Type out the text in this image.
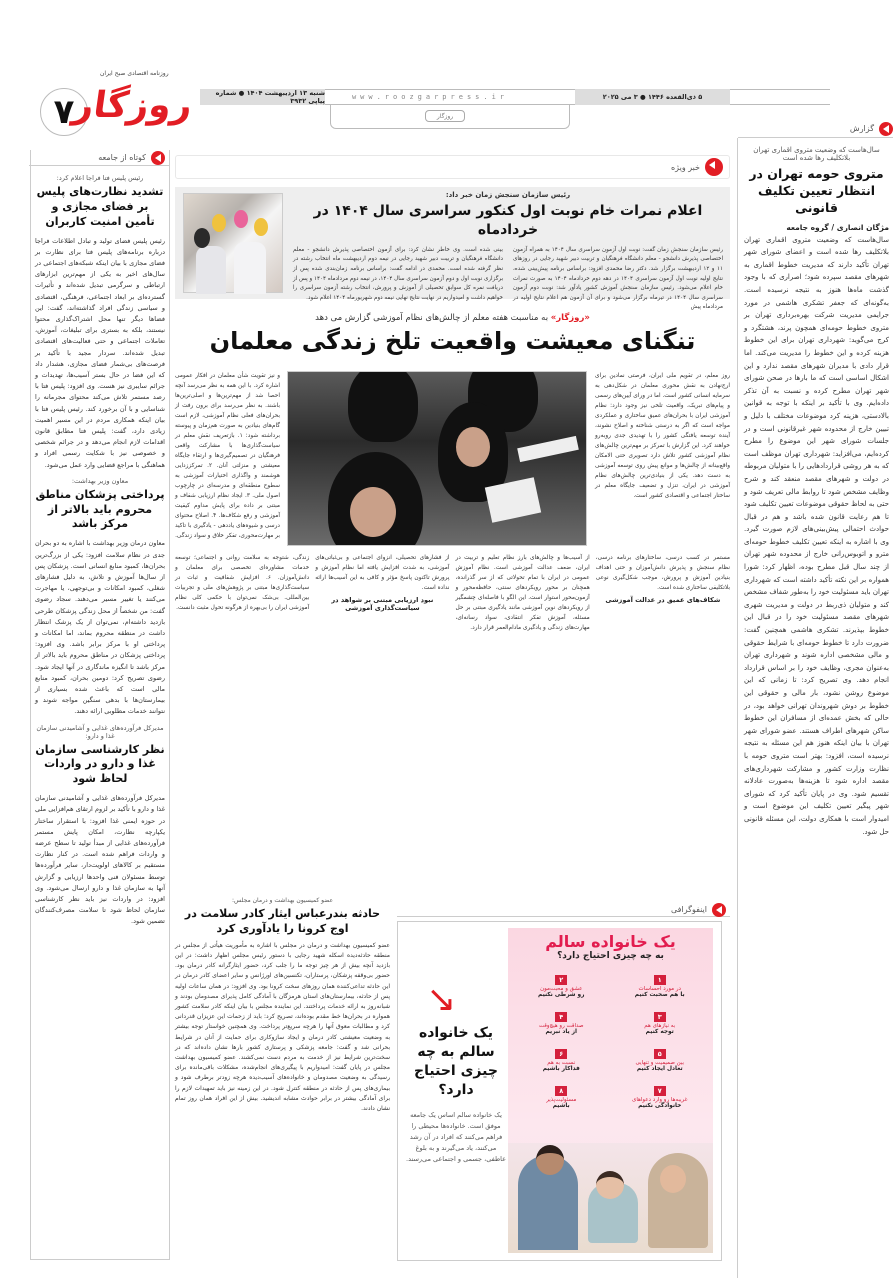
روزنامه اقتصادی صبح ایران
۷
روزگار	شنبه ۱۳ اردیبهشت ۱۴۰۴ ● شماره پیاپی ۳۹۳۲	www.roozgarpress.ir	۵ ذی‌القعده ۱۴۴۶ ● ۳ می ۲۰۲۵
روزگار
گزارش
سال‌هاست که وضعیت متروی اقماری تهران بلاتکلیف رها شده است
متروی حومه تهران در انتظار تعیین تکلیف قانونی
مژگان انصاری / گروه جامعه
سال‌هاست که وضعیت متروی اقماری تهران بلاتکلیف رها شده است و اعضای شورای شهر تهران تأکید دارند که مدیریت خطوط اقماری به شهرهای مقصد سپرده شود؛ اصراری که با وجود گذشت ماه‌ها هنوز به نتیجه نرسیده است. به‌گونه‌ای که جعفر تشکری هاشمی در مورد جرایمی مدیریت شرکت بهره‌برداری تهران بر متروی خطوط حومه‌ای همچون پرند، هشتگرد و کرج می‌گوید: شهرداری تهران برای این خطوط هزینه کرده و این خطوط را مدیریت می‌کند. اما قرار دادی با مدیران شهرهای مقصد ندارد و این اشکال اساسی است که ما بارها در صحن شورای شهر تهران مطرح کرده‌ و نسبت به آن تذکر داده‌ایم. وی با تأکید بر اینکه با توجه به قوانین بالادستی، هزینه کرد موضوعات مختلف با دلیل و تبیین خارج از محدوده شهر غیرقانونی است و در جلسات شورای شهر این موضوع را مطرح کرده‌ایم، می‌افزاید: شهرداری تهران موظف است که به هر روشی قرارداد‌هایی را با متولیان مربوطه در دولت و شهرهای مقصد منعقد کند و شرح وظایف مشخص شود تا روابط مالی تعریف شود و حتی به لحاظ حقوقی موضوعات تعیین تکلیف شود تا هم رعایت قانون شده باشد و هم در قبال حوادث احتمالی پیش‌بینی‌های لازم صورت گیرد. وی با اشاره به اینکه تعیین تکلیف خطوط حومه‌ای مترو و اتوبوس‌رانی خارج از محدوده شهر تهران از چند سال قبل مطرح بوده، اظهار کرد: شورا همواره بر این نکته تأکید داشته است که شهرداری تهران باید مسئولیت خود را به‌طور شفاف مشخص کند و متولیان ذی‌ربط در دولت و مدیریت شهری شهرهای مقصد مسئولیت خود را در قبال این خطوط بپذیرند. تشکری هاشمی همچنین گفت: ضرورت دارد تا خطوط حومه‌ای با شرایط حقوقی و مالی مشخصی اداره شوند و شهرداری تهران به‌عنوان مجری، وظایف خود را بر اساس قرارداد انجام دهد. وی تصریح کرد: تا زمانی که این موضوع روشن نشود، بار مالی و حقوقی این خطوط بر دوش شهروندان تهرانی خواهد بود، در حالی که بخش عمده‌ای از مسافران این خطوط ساکن شهرهای اطراف هستند. عضو شورای شهر تهران با بیان اینکه هنوز هم این مسئله به نتیجه نرسیده است، افزود: بهتر است متروی حومه با نظارت وزارت کشور و مشارکت شهرداری‌های مقصد اداره شود تا هزینه‌ها به‌صورت عادلانه تقسیم شود. وی در پایان تأکید کرد که شورای شهر پیگیر تعیین تکلیف این موضوع است و امیدوار است با همکاری دولت، این مسئله قانونی حل شود.
کوتاه از جامعه
رئیس پلیس فتا فراجا اعلام کرد:
تشدید نظارت‌های پلیس بر فضای مجازی و تأمین امنیت کاربران
رئیس پلیس فضای تولید و تبادل اطلاعات فراجا درباره برنامه‌های پلیس فتا برای نظارت بر فضای مجازی با بیان اینکه شبکه‌های اجتماعی در سال‌های اخیر به یکی از مهم‌ترین ابزارهای ارتباطی و سرگرمی تبدیل شده‌اند و تأثیرات گسترده‌ای بر ابعاد اجتماعی، فرهنگی، اقتصادی و سیاسی زندگی افراد گذاشته‌اند، گفت: این فضاها دیگر تنها محل اشتراک‌گذاری محتوا نیستند، بلکه به بستری برای تبلیغات، آموزش، تعاملات اجتماعی و حتی فعالیت‌های اقتصادی تبدیل شده‌اند. سردار مجید با تأکید بر فرصت‌های بی‌شمار فضای مجازی، هشدار داد که این فضا در حال بستر آسیب‌ها، تهدیدات و جرائم سایبری نیز هست. وی افزود: پلیس فتا با رصد مستمر تلاش می‌کند محتوای مجرمانه را شناسایی و با آن برخورد کند. رئیس پلیس فتا با بیان اینکه همکاری مردم در این مسیر اهمیت زیادی دارد، گفت: پلیس فتا مطابق قانون اقدامات لازم انجام می‌دهد و در جرائم شخصی و خصوصی نیز با شکایت رسمی افراد و هماهنگی با مراجع قضایی وارد عمل می‌شود.
معاون وزیر بهداشت:
پرداختی پزشکان مناطق محروم باید بالاتر از مرکز باشد
معاون درمان وزیر بهداشت با اشاره به دو بحران جدی در نظام سلامت افزود: یکی از بزرگ‌ترین بحران‌ها، کمبود منابع انسانی است. پزشکان پس از سال‌ها آموزش و تلاش، به دلیل فشارهای شغلی، کمبود امکانات و بی‌توجهی، یا مهاجرت می‌کنند یا تغییر مسیر می‌دهند. سجاد رضوی گفت: من شخصاً از محل زندگی پزشکان طرحی بازدید داشته‌ام، نمی‌توان از یک پزشک انتظار داشت در منطقه محروم بماند، اما امکانات و پرداختی او با مرکز برابر باشد. وی افزود: پرداختی پزشکان در مناطق محروم باید بالاتر از مرکز باشد تا انگیزه ماندگاری در آنها ایجاد شود. رضوی تصریح کرد: دومین بحران، کمبود منابع مالی است که باعث شده بسیاری از بیمارستان‌ها با بدهی سنگین مواجه شوند و نتوانند خدمات مطلوبی ارائه دهند.
مدیرکل فرآورده‌های غذایی و آشامیدنی سازمان غذا و دارو:
نظر کارشناسی سازمان غذا و دارو در واردات لحاظ شود
مدیرکل فرآورده‌های غذایی و آشامیدنی سازمان غذا و دارو با تأکید بر لزوم ارتقای هم‌افزایی ملی در حوزه ایمنی غذا افزود: با استقرار ساختار یکپارچه نظارت، امکان پایش مستمر فرآورده‌های غذایی از مبدأ تولید تا سطح عرضه و واردات فراهم شده است. در کنار نظارت مستقیم بر کالاهای اولویت‌دار، سایر فرآورده‌ها توسط مسئولان فنی واحدها ارزیابی و گزارش آنها به سازمان غذا و دارو ارسال می‌شود. وی افزود: در واردات نیز باید نظر کارشناسی سازمان لحاظ شود تا سلامت مصرف‌کنندگان تضمین شود.
خبر ویژه
رئیس سازمان سنجش زمان خبر داد:
اعلام نمرات خام نوبت اول کنکور سراسری سال ۱۴۰۴ در خردادماه
رئیس سازمان سنجش زمان گفت: نوبت اول آزمون سراسری سال ۱۴۰۴ به همراه آزمون اختصاصی پذیرش دانشجو - معلم دانشگاه فرهنگیان و تربیت دبیر شهید رجایی در روزهای ۱۱ و ۱۲ اردیبهشت برگزار شد. دکتر رضا محمدی افزود: براساس برنامه پیش‌بینی شده، نتایج اولیه نوبت اول آزمون سراسری ۱۴۰۴ در دهه دوم خردادماه ۱۴۰۴ به صورت نمرات خام اعلام می‌شود. رئیس سازمان سنجش آموزش کشور یادآور شد: نوبت دوم آزمون سراسری سال ۱۴۰۴ در تیرماه برگزار می‌شود و برای آن آزمون هم اعلام نتایج اولیه در مردادماه پیش
بینی شده است. وی خاطر نشان کرد: برای آزمون اختصاصی پذیرش دانشجو - معلم دانشگاه فرهنگیان و تربیت دبیر شهید رجایی در نیمه دوم اردیبهشت ماه انتخاب رشته در نظر گرفته شده است. محمدی در ادامه گفت: براساس برنامه زمان‌بندی شده پس از برگزاری نوبت اول و دوم آزمون سراسری سال ۱۴۰۴، در نیمه دوم مردادماه ۱۴۰۴ و پس از دریافت نمره کل سوابق تحصیلی از آموزش و پرورش، انتخاب رشته آزمون سراسری را خواهیم داشت و امیدواریم در نهایت نتایج نهایی نیمه دوم شهریورماه ۱۴۰۴ اعلام شود.
«روزگار» به مناسبت هفته معلم از چالش‌های نظام آموزشی گزارش می دهد
تنگنای معیشت واقعیت تلخ زندگی معلمان
روز معلم، در تقویم ملی ایران، فرصتی نمادین برای ارج‌نهادن به نقش محوری معلمان در شکل‌دهی به سرمایه انسانی کشور است. اما در ورای آیین‌های رسمی و پیام‌های تبریک، واقعیت تلخی نیز وجود دارد: نظام آموزشی ایران با بحران‌های عمیق ساختاری و عملکردی مواجه است که اگر به درستی شناخته و اصلاح نشوند، آینده توسعه یافتگی کشور را با تهدیدی جدی روبه‌رو خواهند کرد. این گزارش با تمرکز بر مهم‌ترین چالش‌های نظام آموزشی کشور تلاش دارد تصویری حتی الامکان واقع‌بینانه از چالش‌ها و موانع پیش روی توسعه آموزشی به دست دهد. یکی از بنیادی‌ترین چالش‌های نظام آموزشی در ایران، تنزل و تضعیف جایگاه معلم در ساختار اجتماعی و اقتصادی کشور است.
و نیز تقویت شأن معلمان در افکار عمومی اشاره کرد. با این همه به نظر می‌رسد آنچه احصا شد از مهم‌ترین‌ها و اصلی‌ترین‌ها باشند. به نظر می‌رسد برای برون رفت از بحران‌های فعلی نظام آموزشی، لازم است گام‌های بنیادین به صورت هم‌زمان و پیوسته برداشته شود: ۱. بازتعریف نقش معلم در سیاست‌گذاری‌ها با مشارکت واقعی فرهنگیان در تصمیم‌گیری‌ها و ارتقاء جایگاه معیشتی و منزلتی آنان. ۲. تمرکززدایی هوشمند و واگذاری اختیارات آموزشی به سطوح منطقه‌ای و مدرسه‌ای در چارچوب اصول ملی. ۳. ایجاد نظام ارزیابی شفاف و مبتنی بر داده برای پایش مداوم کیفیت آموزشی و رفع شکاف‌ها. ۴. اصلاح محتوای درسی و شیوه‌های یاددهی - یادگیری با تاکید بر مهارت‌محوری، تفکر خلاق و سواد زندگی.
مستمر در کسب درسی، ساختارهای برنامه درسی، نظام سنجش و پذیرش دانش‌آموزان و حتی اهداف بنیادین آموزش و پرورش، موجب شکل‌گیری نوعی بلاتکلیفی ساختاری شده است.
شکاف‌های عمیق در عدالت آموزشی
از آسیب‌ها و چالش‌های بارز نظام تعلیم و تربیت در ایران، ضعف عدالت آموزشی است. نظام آموزش عمومی در ایران با تمام تحولاتی که از سر گذرانده، همچنان بر محور رویکردهای سنتی، حافظه‌محور و آزمون‌محور استوار است. این الگو با فاصله‌ای چشمگیر از رویکردهای نوین آموزشی مانند یادگیری مبتنی بر حل مسئله، آموزش تفکر انتقادی، سواد رسانه‌ای، مهارت‌های زندگی و یادگیری مادام‌العمر قرار دارد.
از فشارهای تحصیلی، انزوای اجتماعی و بی‌ثباتی‌های آموزشی، به شدت افزایش یافته اما نظام آموزش و پرورش تاکنون پاسخ مؤثر و کافی به این آسیب‌ها ارائه نداده است.
نبود ارزیابی مبتنی بر شواهد در سیاست‌گذاری آموزشی
زندگی، شتوجه به سلامت روانی و اجتماعی؛ توسعه خدمات مشاوره‌ای تخصصی برای معلمان و دانش‌آموزان. ۶. افزایش شفافیت و ثبات در سیاست‌گذاری‌ها مبتنی بر پژوهش‌های ملی و تجربیات بین‌المللی. بی‌شک نمی‌توان با حکمی کلی نظام آموزشی ایران را بی‌بهره از هرگونه تحول مثبت دانست.
عضو کمیسیون بهداشت و درمان مجلس:
حادثه بندرعباس ایثار کادر سلامت در اوج کرونا را یادآوری کرد
عضو کمیسیون بهداشت و درمان در مجلس با اشاره به مأموریت هیأتی از مجلس در منطقه حادثه‌دیده اسکله شهید رجایی با دستور رئیس مجلس اظهار داشت: در این بازدید آنچه بیش از هر چیز توجه ما را جلب کرد، حضور ایثارگرانه کادر درمان بود. حضور بی‌وقفه پزشکان، پرستاران، تکنسین‌های اورژانس و سایر اعضای کادر درمان در این حادثه تداعی‌کننده همان روزهای سخت کرونا بود. وی افزود: در همان ساعات اولیه پس از حادثه، بیمارستان‌های استان هرمزگان با آمادگی کامل پذیرای مصدومان بودند و شبانه‌روز به ارائه خدمات پرداختند. این نماینده مجلس با بیان اینکه کادر سلامت کشور همواره در بحران‌ها خط مقدم بوده‌اند، تصریح کرد: باید از زحمات این عزیزان قدردانی کرد و مطالبات معوق آنها را هرچه سریع‌تر پرداخت. وی همچنین خواستار توجه بیشتر به وضعیت معیشتی کادر درمان و ایجاد سازوکاری برای حمایت از آنان در شرایط بحرانی شد و گفت: جامعه پزشکی و پرستاری کشور بارها نشان داده‌اند که در سخت‌ترین شرایط نیز از خدمت به مردم دست نمی‌کشند. عضو کمیسیون بهداشت مجلس در پایان گفت: امیدواریم با پیگیری‌های انجام‌شده، مشکلات باقی‌مانده برای رسیدگی به وضعیت مصدومان و خانواده‌های آسیب‌دیده هرچه زودتر برطرف شود و بیماری‌های پس از حادثه در منطقه کنترل شود. در این زمینه نیز باید تمهیدات لازم را برای آمادگی بیشتر در برابر حوادث مشابه اندیشید. بیش از این افراد همان روز تمام نشان دادند.
اینفوگرافی
↘
یک خانواده سالم به چه چیزی احتیاج دارد؟
یک خانواده سالم اساس یک جامعه موفق است. خانواده‌ها محیطی را فراهم می‌کنند که افراد در آن رشد می‌کنند، یاد می‌گیرند و به بلوغ عاطفی، جسمی و اجتماعی می‌رسند.
یک خانواده سالم
به چه چیزی احتیاج دارد؟
۱
در مورد احساسات
با هم صحبت کنیم
۲
عشق و محبت‌مون
رو شرطی نکنیم
۳
به نیازهای هم
توجه کنیم
۴
صداقت رو هیچ‌وقت
از یاد نبریم
۵
بین صمیمیت و تنهایی
تعادل ایجاد کنیم
۶
نسبت به هم
فداکار باشیم
۷
غریبه‌ها رو وارد دعواهای
خانوادگی نکنیم
۸
مسئولیت‌پذیر
باشیم
